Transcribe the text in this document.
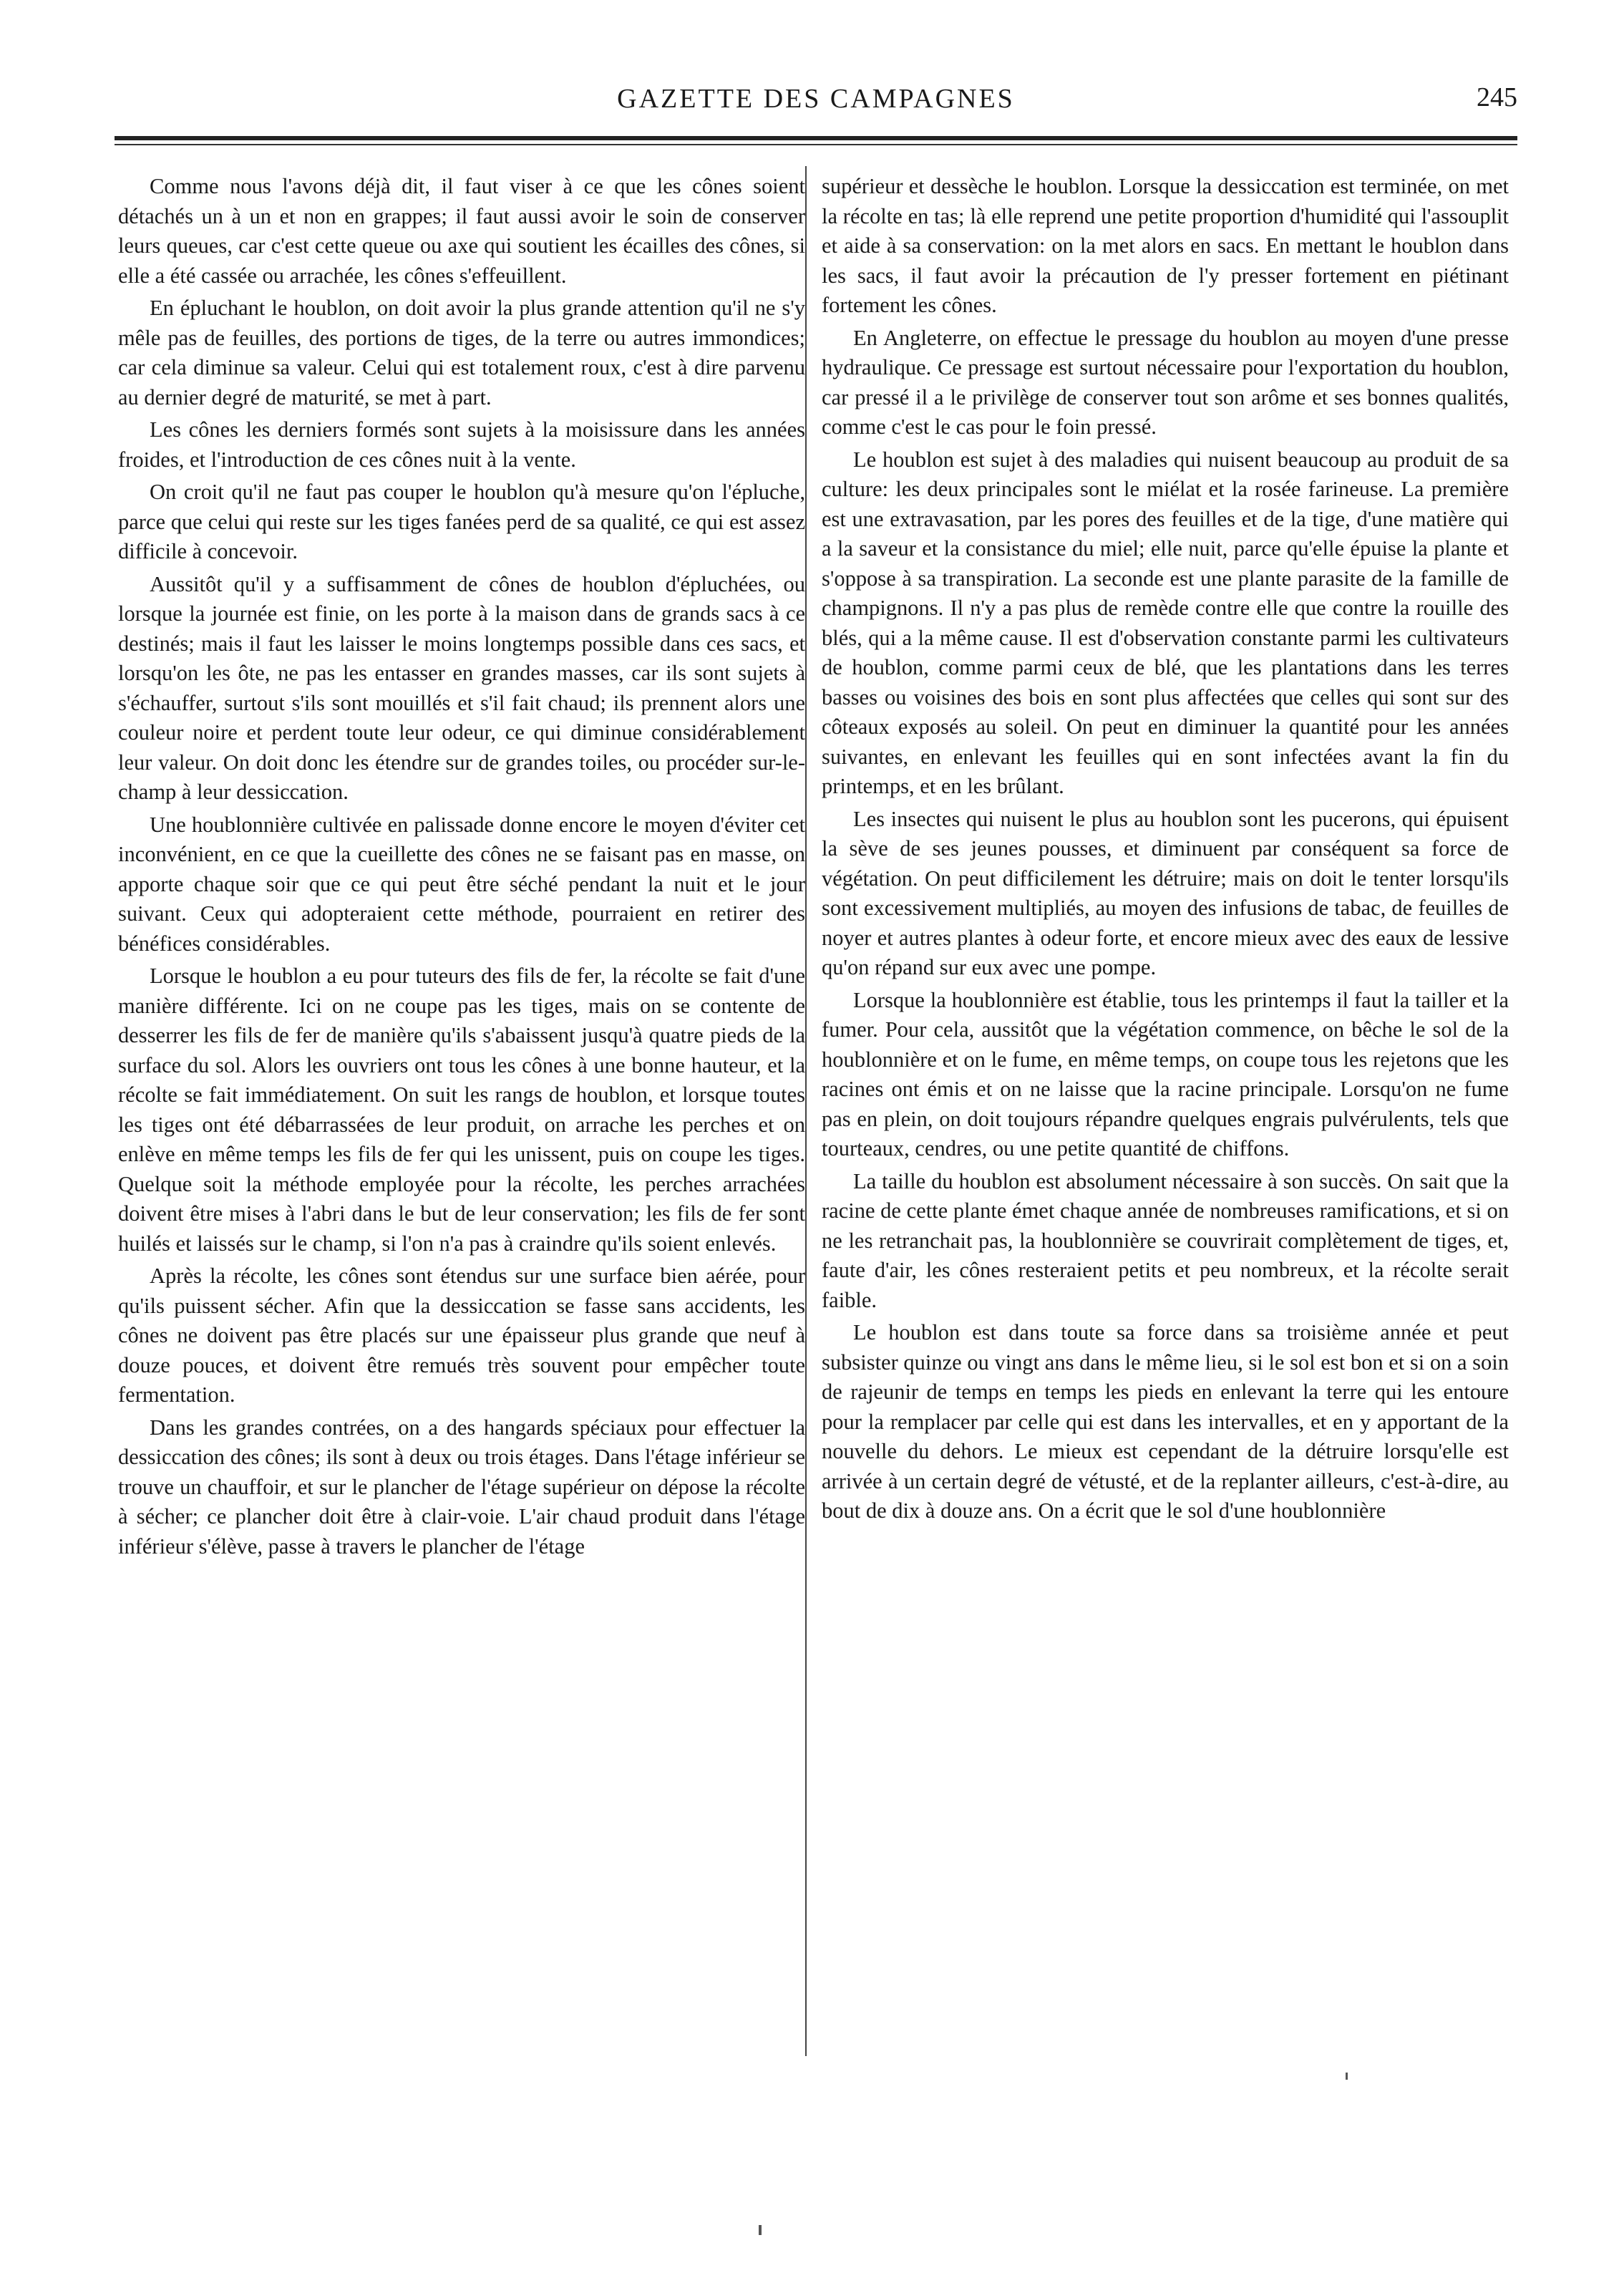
GAZETTE DES CAMPAGNES	245

Comme nous l'avons déjà dit, il faut viser à ce que les cônes soient détachés un à un et non en grappes; il faut aussi avoir le soin de conserver leurs queues, car c'est cette queue ou axe qui soutient les écailles des cônes, si elle a été cassée ou arrachée, les cônes s'effeuillent.

En épluchant le houblon, on doit avoir la plus grande attention qu'il ne s'y mêle pas de feuilles, des portions de tiges, de la terre ou autres immondices; car cela diminue sa valeur. Celui qui est totalement roux, c'est à dire parvenu au dernier degré de maturité, se met à part.

Les cônes les derniers formés sont sujets à la moisissure dans les années froides, et l'introduction de ces cônes nuit à la vente.

On croit qu'il ne faut pas couper le houblon qu'à mesure qu'on l'épluche, parce que celui qui reste sur les tiges fanées perd de sa qualité, ce qui est assez difficile à concevoir.

Aussitôt qu'il y a suffisamment de cônes de houblon d'épluchées, ou lorsque la journée est finie, on les porte à la maison dans de grands sacs à ce destinés; mais il faut les laisser le moins longtemps possible dans ces sacs, et lorsqu'on les ôte, ne pas les entasser en grandes masses, car ils sont sujets à s'échauffer, surtout s'ils sont mouillés et s'il fait chaud; ils prennent alors une couleur noire et perdent toute leur odeur, ce qui diminue considérablement leur valeur. On doit donc les étendre sur de grandes toiles, ou procéder sur-le-champ à leur dessiccation.

Une houblonnière cultivée en palissade donne encore le moyen d'éviter cet inconvénient, en ce que la cueillette des cônes ne se faisant pas en masse, on apporte chaque soir que ce qui peut être séché pendant la nuit et le jour suivant. Ceux qui adopteraient cette méthode, pourraient en retirer des bénéfices considérables.

Lorsque le houblon a eu pour tuteurs des fils de fer, la récolte se fait d'une manière différente. Ici on ne coupe pas les tiges, mais on se contente de desserrer les fils de fer de manière qu'ils s'abaissent jusqu'à quatre pieds de la surface du sol. Alors les ouvriers ont tous les cônes à une bonne hauteur, et la récolte se fait immédiatement. On suit les rangs de houblon, et lorsque toutes les tiges ont été débarrassées de leur produit, on arrache les perches et on enlève en même temps les fils de fer qui les unissent, puis on coupe les tiges. Quelque soit la méthode employée pour la récolte, les perches arrachées doivent être mises à l'abri dans le but de leur conservation; les fils de fer sont huilés et laissés sur le champ, si l'on n'a pas à craindre qu'ils soient enlevés.

Après la récolte, les cônes sont étendus sur une surface bien aérée, pour qu'ils puissent sécher. Afin que la dessiccation se fasse sans accidents, les cônes ne doivent pas être placés sur une épaisseur plus grande que neuf à douze pouces, et doivent être remués très souvent pour empêcher toute fermentation.

Dans les grandes contrées, on a des hangards spéciaux pour effectuer la dessiccation des cônes; ils sont à deux ou trois étages. Dans l'étage inférieur se trouve un chauffoir, et sur le plancher de l'étage supérieur on dépose la récolte à sécher; ce plancher doit être à clair-voie. L'air chaud produit dans l'étage inférieur s'élève, passe à travers le plancher de l'étage

supérieur et dessèche le houblon. Lorsque la dessiccation est terminée, on met la récolte en tas; là elle reprend une petite proportion d'humidité qui l'assouplit et aide à sa conservation: on la met alors en sacs. En mettant le houblon dans les sacs, il faut avoir la précaution de l'y presser fortement en piétinant fortement les cônes.

En Angleterre, on effectue le pressage du houblon au moyen d'une presse hydraulique. Ce pressage est surtout nécessaire pour l'exportation du houblon, car pressé il a le privilège de conserver tout son arôme et ses bonnes qualités, comme c'est le cas pour le foin pressé.

Le houblon est sujet à des maladies qui nuisent beaucoup au produit de sa culture: les deux principales sont le miélat et la rosée farineuse. La première est une extravasation, par les pores des feuilles et de la tige, d'une matière qui a la saveur et la consistance du miel; elle nuit, parce qu'elle épuise la plante et s'oppose à sa transpiration. La seconde est une plante parasite de la famille de champignons. Il n'y a pas plus de remède contre elle que contre la rouille des blés, qui a la même cause. Il est d'observation constante parmi les cultivateurs de houblon, comme parmi ceux de blé, que les plantations dans les terres basses ou voisines des bois en sont plus affectées que celles qui sont sur des côteaux exposés au soleil. On peut en diminuer la quantité pour les années suivantes, en enlevant les feuilles qui en sont infectées avant la fin du printemps, et en les brûlant.

Les insectes qui nuisent le plus au houblon sont les pucerons, qui épuisent la sève de ses jeunes pousses, et diminuent par conséquent sa force de végétation. On peut difficilement les détruire; mais on doit le tenter lorsqu'ils sont excessivement multipliés, au moyen des infusions de tabac, de feuilles de noyer et autres plantes à odeur forte, et encore mieux avec des eaux de lessive qu'on répand sur eux avec une pompe.

Lorsque la houblonnière est établie, tous les printemps il faut la tailler et la fumer. Pour cela, aussitôt que la végétation commence, on bêche le sol de la houblonnière et on le fume, en même temps, on coupe tous les rejetons que les racines ont émis et on ne laisse que la racine principale. Lorsqu'on ne fume pas en plein, on doit toujours répandre quelques engrais pulvérulents, tels que tourteaux, cendres, ou une petite quantité de chiffons.

La taille du houblon est absolument nécessaire à son succès. On sait que la racine de cette plante émet chaque année de nombreuses ramifications, et si on ne les retranchait pas, la houblonnière se couvrirait complètement de tiges, et, faute d'air, les cônes resteraient petits et peu nombreux, et la récolte serait faible.

Le houblon est dans toute sa force dans sa troisième année et peut subsister quinze ou vingt ans dans le même lieu, si le sol est bon et si on a soin de rajeunir de temps en temps les pieds en enlevant la terre qui les entoure pour la remplacer par celle qui est dans les intervalles, et en y apportant de la nouvelle du dehors. Le mieux est cependant de la détruire lorsqu'elle est arrivée à un certain degré de vétusté, et de la replanter ailleurs, c'est-à-dire, au bout de dix à douze ans. On a écrit que le sol d'une houblonnière
